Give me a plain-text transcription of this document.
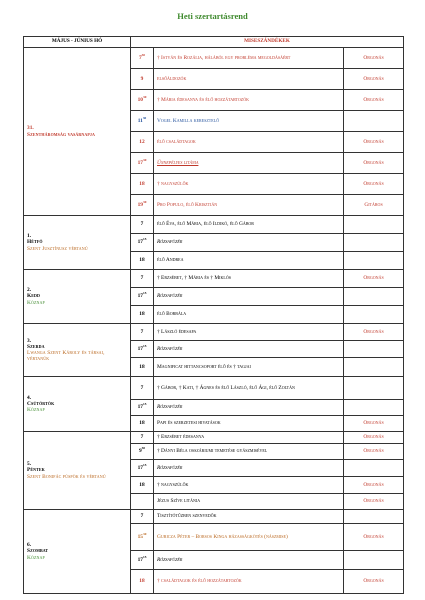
Heti szertartásrend
MÁJUS - JÚNIUS HÓ	MISESZÁNDÉKEK		

31.
Szentháromság vasárnapja	$7^{30}$	† István és Rozália, hálából egy probléma megoldásáért	Orgonás
	9	elsőáldozók	Orgonás
	$10^{30}$	† Mária édesanya és élő hozzátartozók	Orgonás
	$11^{30}$	Vogel Kamilla keresztelő	
	12	élő családtagok	Orgonás
	$17^{30}$	Ünnepélyes litánia	Orgonás
	18	† nagyszülők	Orgonás
	$19^{30}$	Pro Populo, élő Krisztián	Gitáros

1.
Hétfő
Szent Jusztínusz vértanú	7	élő Éva, élő Mária, élő Ildikó, élő Gábor	
	$17^{15}$	Rózsafüzér	
	18	élő Andrea	

2.
Kedd
Köznap	7	† Erzsébet, † Mária és † Miklós	Orgonás
	$17^{15}$	Rózsafüzér	
	18	élő Borbála	

3.
Szerda
Lwanga Szent Károly és társai, vértanúk	7	† László édesapa	Orgonás
	$17^{15}$	Rózsafüzér	
	18	Magnificat hittancsoport élő és † tagjai	

4.
Csütörtök
Köznap	7	† Gábor, † Kati, † Ágnes és élő László, élő Ági, élő Zoltán	
	$17^{15}$	Rózsafüzér	
	18	Papi és szerzetesi hivatások	Orgonás

5.
Péntek
Szent Bonifác püspök és vértanú	7	† Erzsébet édesanya	Orgonás
	$9^{30}$	† Dányi Béla osszáriumi temetése gyászmisével	Orgonás
	$17^{15}$	Rózsafüzér	
	18	† nagyszülők	Orgonás
		Jézus Szíve litánia	Orgonás

6.
Szombat
Köznap	7	Tisztítótűzben szenvedők	
	$15^{30}$	Guricza Péter – Borsos Kinga házasságkötés (nászmise)	Orgonás
	$17^{15}$	Rózsafüzér	
	18	† családtagok és élő hozzátartozók	Orgonás
